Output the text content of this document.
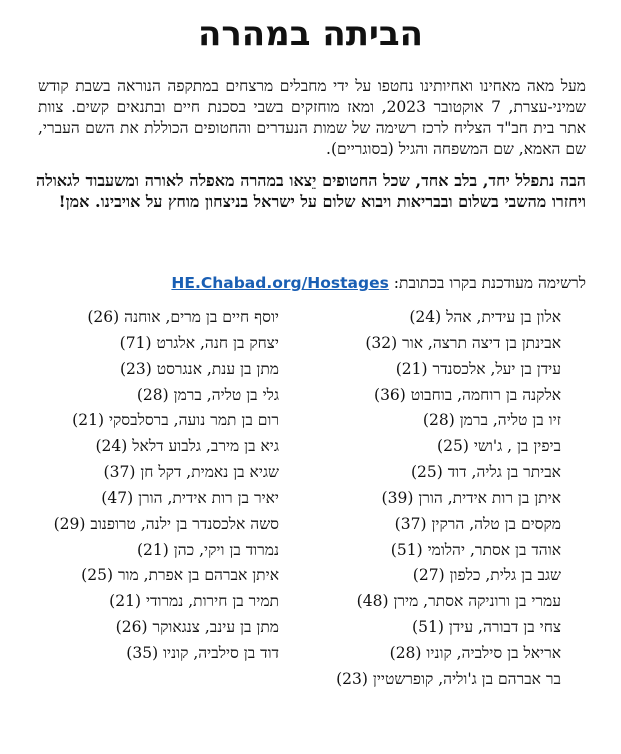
הביתה במהרה

מעל מאה מאחינו ואחיותינו נחטפו על ידי מחבלים מרצחים במתקפה הנוראה בשבת קודש שמיני-עצרת, 7 אוקטובר 2023, ומאז מוחזקים בשבי בסכנת חיים ובתנאים קשים. צוות אתר בית חב"ד הצליח לרכז רשימה של שמות הנעדרים והחטופים הכוללת את השם העברי, שם האמא, שם המשפחה והגיל (בסוגריים).

הבה נתפלל יחד, בלב אחד, שכל החטופים יֵצאו במהרה מאפלה לאורה ומשעבוד לגאולה ויחזרו מהשבי בשלום ובבריאות ויבוא שלום על ישראל בניצחון מוחץ על אויבינו. אמן!

לרשימה מעודכנת בקרו בכתובת: HE.Chabad.org/Hostages

אלון בן עידית, אהל (24)
אבינתן בן דיצה תרצה, אור (32)
עידן בן יעל, אלכסנדר (21)
אלקנה בן רוחמה, בוחבוט (36)
זיו בן טליה, ברמן (28)
ביפין בן , ג'ושי (25)
אביתר בן גליה, דוד (25)
איתן בן רות אידית, הורן (39)
מקסים בן טלה, הרקין (37)
אוהד בן אסתר, יהלומי (51)
שגב בן גלית, כלפון (27)
עמרי בן ורוניקה אסתר, מירן (48)
צחי בן דבורה, עידן (51)
אריאל בן סילביה, קוניו (28)
בר אברהם בן ג'וליה, קופרשטיין (23)
יוסף חיים בן מרים, אוחנה (26)
יצחק בן חנה, אלגרט (71)
מתן בן ענת, אנגרסט (23)
גלי בן טליה, ברמן (28)
רום בן תמר נועה, ברסלבסקי (21)
גיא בן מירב, גלבוע דלאל (24)
שגיא בן נאמית, דקל חן (37)
יאיר בן רות אידית, הורן (47)
סשה אלכסנדר בן ילנה, טרופנוב (29)
נמרוד בן ויקי, כהן (21)
איתן אברהם בן אפרת, מור (25)
תמיר בן חירות, נמרודי (21)
מתן בן עינב, צנגאוקר (26)
דוד בן סילביה, קוניו (35)
